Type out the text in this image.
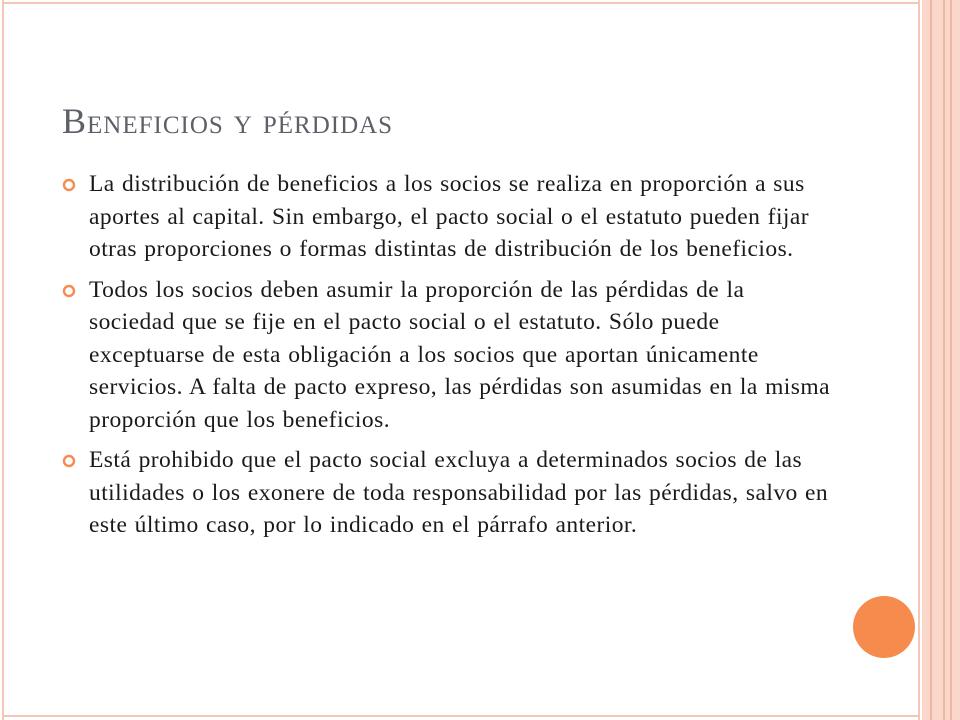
Beneficios y pérdidas

La distribución de beneficios a los socios se realiza en proporción a sus aportes al capital. Sin embargo, el pacto social o el estatuto pueden fijar otras proporciones o formas distintas de distribución de los beneficios.

Todos los socios deben asumir la proporción de las pérdidas de la sociedad que se fije en el pacto social o el estatuto. Sólo puede exceptuarse de esta obligación a los socios que aportan únicamente servicios. A falta de pacto expreso, las pérdidas son asumidas en la misma proporción que los beneficios.

Está prohibido que el pacto social excluya a determinados socios de las utilidades o los exonere de toda responsabilidad por las pérdidas, salvo en este último caso, por lo indicado en el párrafo anterior.
